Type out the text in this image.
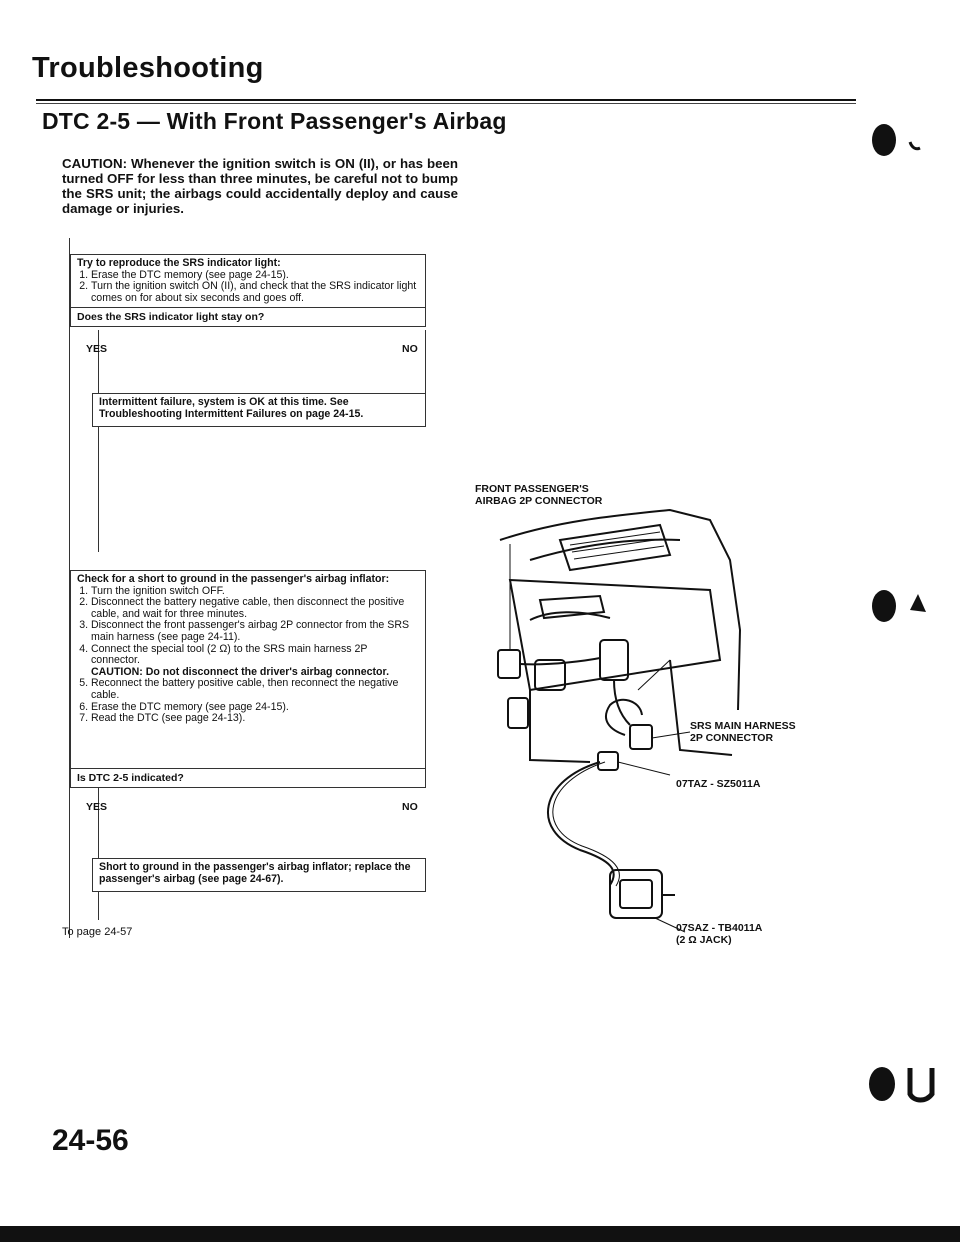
Troubleshooting
DTC 2-5 — With Front Passenger's Airbag
CAUTION: Whenever the ignition switch is ON (II), or has been turned OFF for less than three minutes, be careful not to bump the SRS unit; the airbags could accidentally deploy and cause damage or injuries.
Try to reproduce the SRS indicator light:
1. Erase the DTC memory (see page 24-15).
2. Turn the ignition switch ON (II), and check that the SRS indicator light comes on for about six seconds and goes off.
Does the SRS indicator light stay on?
YES	NO
Intermittent failure, system is OK at this time. See Troubleshooting Intermittent Failures on page 24-15.
Check for a short to ground in the passenger's airbag inflator:
1. Turn the ignition switch OFF.
2. Disconnect the battery negative cable, then disconnect the positive cable, and wait for three minutes.
3. Disconnect the front passenger's airbag 2P connector from the SRS main harness (see page 24-11).
4. Connect the special tool (2 Ω) to the SRS main harness 2P connector.
CAUTION: Do not disconnect the driver's airbag connector.
5. Reconnect the battery positive cable, then reconnect the negative cable.
6. Erase the DTC memory (see page 24-15).
7. Read the DTC (see page 24-13).
Is DTC 2-5 indicated?
YES	NO
Short to ground in the passenger's airbag inflator; replace the passenger's airbag (see page 24-67).
To page 24-57
FRONT PASSENGER'S
AIRBAG 2P CONNECTOR
SRS MAIN HARNESS
2P CONNECTOR
07TAZ - SZ5011A
07SAZ - TB4011A
(2 Ω JACK)
24-56
